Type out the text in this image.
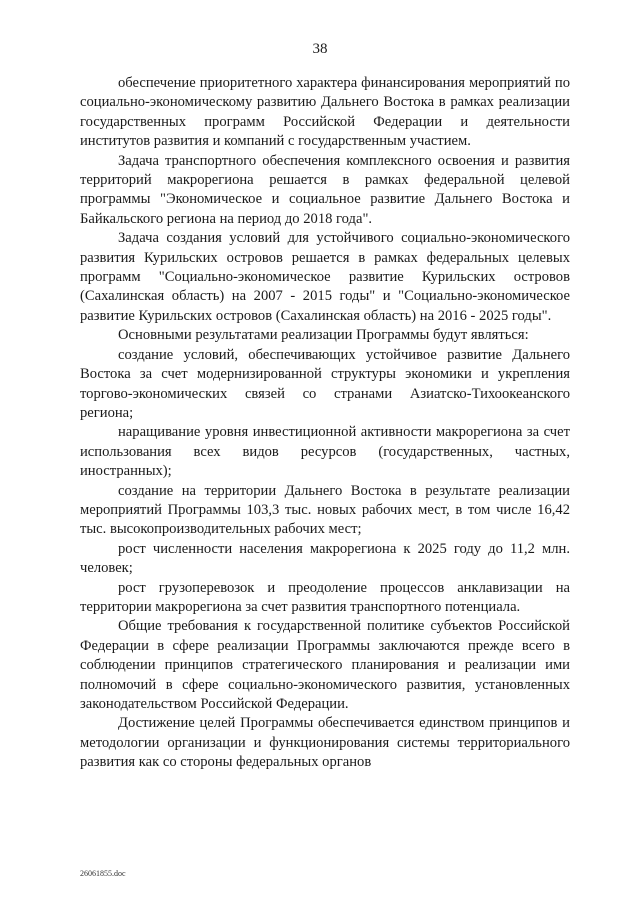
38

обеспечение приоритетного характера финансирования мероприятий по социально-экономическому развитию Дальнего Востока в рамках реализации государственных программ Российской Федерации и деятельности институтов развития и компаний с государственным участием.

Задача транспортного обеспечения комплексного освоения и развития территорий макрорегиона решается в рамках федеральной целевой программы "Экономическое и социальное развитие Дальнего Востока и Байкальского региона на период до 2018 года".

Задача создания условий для устойчивого социально-экономического развития Курильских островов решается в рамках федеральных целевых программ "Социально-экономическое развитие Курильских островов (Сахалинская область) на 2007 - 2015 годы" и "Социально-экономическое развитие Курильских островов (Сахалинская область) на 2016 - 2025 годы".

Основными результатами реализации Программы будут являться:

создание условий, обеспечивающих устойчивое развитие Дальнего Востока за счет модернизированной структуры экономики и укрепления торгово-экономических связей со странами Азиатско-Тихоокеанского региона;

наращивание уровня инвестиционной активности макрорегиона за счет использования всех видов ресурсов (государственных, частных, иностранных);

создание на территории Дальнего Востока в результате реализации мероприятий Программы 103,3 тыс. новых рабочих мест, в том числе 16,42 тыс. высокопроизводительных рабочих мест;

рост численности населения макрорегиона к 2025 году до 11,2 млн. человек;

рост грузоперевозок и преодоление процессов анклавизации на территории макрорегиона за счет развития транспортного потенциала.

Общие требования к государственной политике субъектов Российской Федерации в сфере реализации Программы заключаются прежде всего в соблюдении принципов стратегического планирования и реализации ими полномочий в сфере социально-экономического развития, установленных законодательством Российской Федерации.

Достижение целей Программы обеспечивается единством принципов и методологии организации и функционирования системы территориального развития как со стороны федеральных органов

26061855.doc
